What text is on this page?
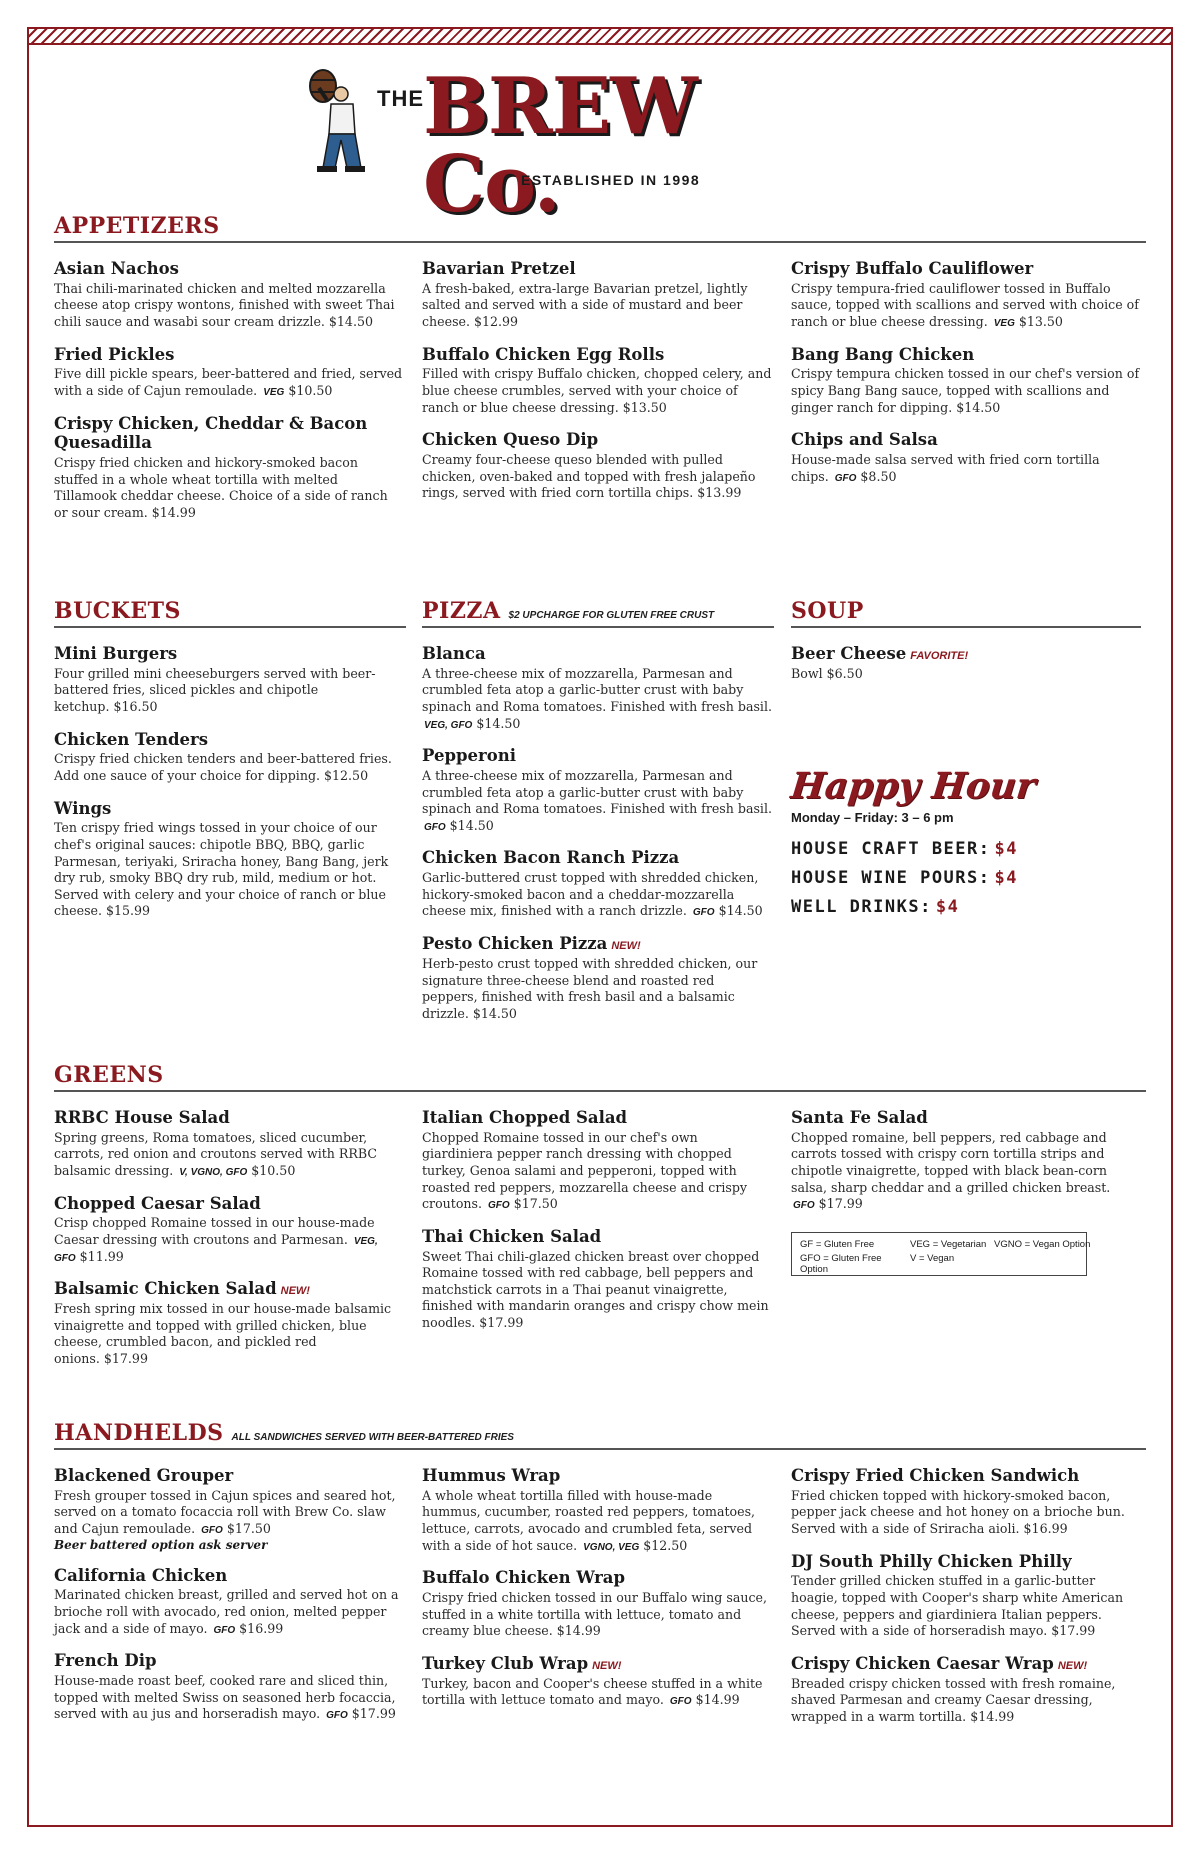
THE BREW Co.
ESTABLISHED IN 1998
APPETIZERS
Asian Nachos
Thai chili-marinated chicken and melted mozzarella cheese atop crispy wontons, finished with sweet Thai chili sauce and wasabi sour cream drizzle. $14.50
Fried Pickles
Five dill pickle spears, beer-battered and fried, served with a side of Cajun remoulade. VEG $10.50
Crispy Chicken, Cheddar & Bacon Quesadilla
Crispy fried chicken and hickory-smoked bacon stuffed in a whole wheat tortilla with melted Tillamook cheddar cheese. Choice of a side of ranch or sour cream. $14.99
Bavarian Pretzel
A fresh-baked, extra-large Bavarian pretzel, lightly salted and served with a side of mustard and beer cheese. $12.99
Buffalo Chicken Egg Rolls
Filled with crispy Buffalo chicken, chopped celery, and blue cheese crumbles, served with your choice of ranch or blue cheese dressing. $13.50
Chicken Queso Dip
Creamy four-cheese queso blended with pulled chicken, oven-baked and topped with fresh jalapeño rings, served with fried corn tortilla chips. $13.99
Crispy Buffalo Cauliflower
Crispy tempura-fried cauliflower tossed in Buffalo sauce, topped with scallions and served with choice of ranch or blue cheese dressing. VEG $13.50
Bang Bang Chicken
Crispy tempura chicken tossed in our chef's version of spicy Bang Bang sauce, topped with scallions and ginger ranch for dipping. $14.50
Chips and Salsa
House-made salsa served with fried corn tortilla chips. GFO $8.50
BUCKETS
Mini Burgers
Four grilled mini cheeseburgers served with beer-battered fries, sliced pickles and chipotle ketchup. $16.50
Chicken Tenders
Crispy fried chicken tenders and beer-battered fries. Add one sauce of your choice for dipping. $12.50
Wings
Ten crispy fried wings tossed in your choice of our chef's original sauces: chipotle BBQ, BBQ, garlic Parmesan, teriyaki, Sriracha honey, Bang Bang, jerk dry rub, smoky BBQ dry rub, mild, medium or hot. Served with celery and your choice of ranch or blue cheese. $15.99
PIZZA $2 UPCHARGE FOR GLUTEN FREE CRUST
Blanca
A three-cheese mix of mozzarella, Parmesan and crumbled feta atop a garlic-butter crust with baby spinach and Roma tomatoes. Finished with fresh basil. VEG, GFO $14.50
Pepperoni
A three-cheese mix of mozzarella, Parmesan and crumbled feta atop a garlic-butter crust with baby spinach and Roma tomatoes. Finished with fresh basil. GFO $14.50
Chicken Bacon Ranch Pizza
Garlic-buttered crust topped with shredded chicken, hickory-smoked bacon and a cheddar-mozzarella cheese mix, finished with a ranch drizzle. GFO $14.50
Pesto Chicken Pizza NEW!
Herb-pesto crust topped with shredded chicken, our signature three-cheese blend and roasted red peppers, finished with fresh basil and a balsamic drizzle. $14.50
SOUP
Beer Cheese FAVORITE!
Bowl $6.50
Happy Hour
Monday – Friday: 3 – 6 pm
HOUSE CRAFT BEER: $4
HOUSE WINE POURS: $4
WELL DRINKS: $4
GREENS
RRBC House Salad
Spring greens, Roma tomatoes, sliced cucumber, carrots, red onion and croutons served with RRBC balsamic dressing. V, VGNO, GFO $10.50
Chopped Caesar Salad
Crisp chopped Romaine tossed in our house-made Caesar dressing with croutons and Parmesan. VEG, GFO $11.99
Balsamic Chicken Salad NEW!
Fresh spring mix tossed in our house-made balsamic vinaigrette and topped with grilled chicken, blue cheese, crumbled bacon, and pickled red onions. $17.99
Italian Chopped Salad
Chopped Romaine tossed in our chef's own giardiniera pepper ranch dressing with chopped turkey, Genoa salami and pepperoni, topped with roasted red peppers, mozzarella cheese and crispy croutons. GFO $17.50
Thai Chicken Salad
Sweet Thai chili-glazed chicken breast over chopped Romaine tossed with red cabbage, bell peppers and matchstick carrots in a Thai peanut vinaigrette, finished with mandarin oranges and crispy chow mein noodles. $17.99
Santa Fe Salad
Chopped romaine, bell peppers, red cabbage and carrots tossed with crispy corn tortilla strips and chipotle vinaigrette, topped with black bean-corn salsa, sharp cheddar and a grilled chicken breast. GFO $17.99
GF = Gluten Free	VEG = Vegetarian VGNO = Vegan Option
GFO = Gluten Free Option
V = Vegan
HANDHELDS ALL SANDWICHES SERVED WITH BEER-BATTERED FRIES
Blackened Grouper
Fresh grouper tossed in Cajun spices and seared hot, served on a tomato focaccia roll with Brew Co. slaw and Cajun remoulade. GFO $17.50
Beer battered option ask server
California Chicken
Marinated chicken breast, grilled and served hot on a brioche roll with avocado, red onion, melted pepper jack and a side of mayo. GFO $16.99
French Dip
House-made roast beef, cooked rare and sliced thin, topped with melted Swiss on seasoned herb focaccia, served with au jus and horseradish mayo. GFO $17.99
Hummus Wrap
A whole wheat tortilla filled with house-made hummus, cucumber, roasted red peppers, tomatoes, lettuce, carrots, avocado and crumbled feta, served with a side of hot sauce. VGNO, VEG $12.50
Buffalo Chicken Wrap
Crispy fried chicken tossed in our Buffalo wing sauce, stuffed in a white tortilla with lettuce, tomato and creamy blue cheese. $14.99
Turkey Club Wrap NEW!
Turkey, bacon and Cooper's cheese stuffed in a white tortilla with lettuce tomato and mayo. GFO $14.99
Crispy Fried Chicken Sandwich
Fried chicken topped with hickory-smoked bacon, pepper jack cheese and hot honey on a brioche bun. Served with a side of Sriracha aioli. $16.99
DJ South Philly Chicken Philly
Tender grilled chicken stuffed in a garlic-butter hoagie, topped with Cooper's sharp white American cheese, peppers and giardiniera Italian peppers. Served with a side of horseradish mayo. $17.99
Crispy Chicken Caesar Wrap NEW!
Breaded crispy chicken tossed with fresh romaine, shaved Parmesan and creamy Caesar dressing, wrapped in a warm tortilla. $14.99
